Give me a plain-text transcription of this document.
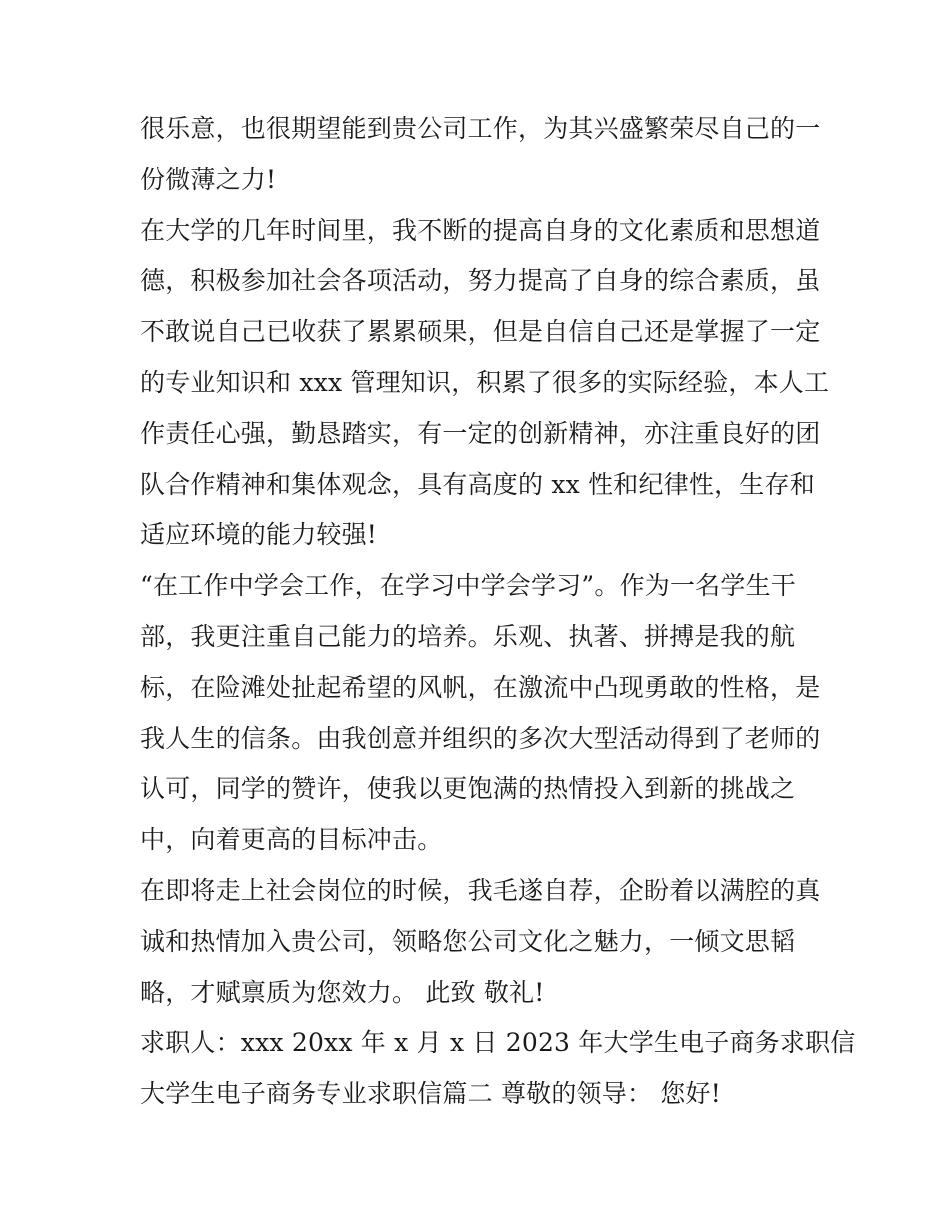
很乐意，也很期望能到贵公司工作，为其兴盛繁荣尽自己的一
份微薄之力!
在大学的几年时间里，我不断的提高自身的文化素质和思想道
德，积极参加社会各项活动，努力提高了自身的综合素质，虽
不敢说自己已收获了累累硕果，但是自信自己还是掌握了一定
的专业知识和 xxx 管理知识，积累了很多的实际经验，本人工
作责任心强，勤恳踏实，有一定的创新精神，亦注重良好的团
队合作精神和集体观念，具有高度的 xx 性和纪律性，生存和
适应环境的能力较强!
“在工作中学会工作，在学习中学会学习”。作为一名学生干
部，我更注重自己能力的培养。乐观、执著、拼搏是我的航
标，在险滩处扯起希望的风帆，在激流中凸现勇敢的性格，是
我人生的信条。由我创意并组织的多次大型活动得到了老师的
认可，同学的赞许，使我以更饱满的热情投入到新的挑战之
中，向着更高的目标冲击。
在即将走上社会岗位的时候，我毛遂自荐，企盼着以满腔的真
诚和热情加入贵公司，领略您公司文化之魅力，一倾文思韬
略，才赋禀质为您效力。 此致 敬礼!
求职人：xxx 20xx 年 x 月 x 日 2023 年大学生电子商务求职信
大学生电子商务专业求职信篇二 尊敬的领导： 您好!
